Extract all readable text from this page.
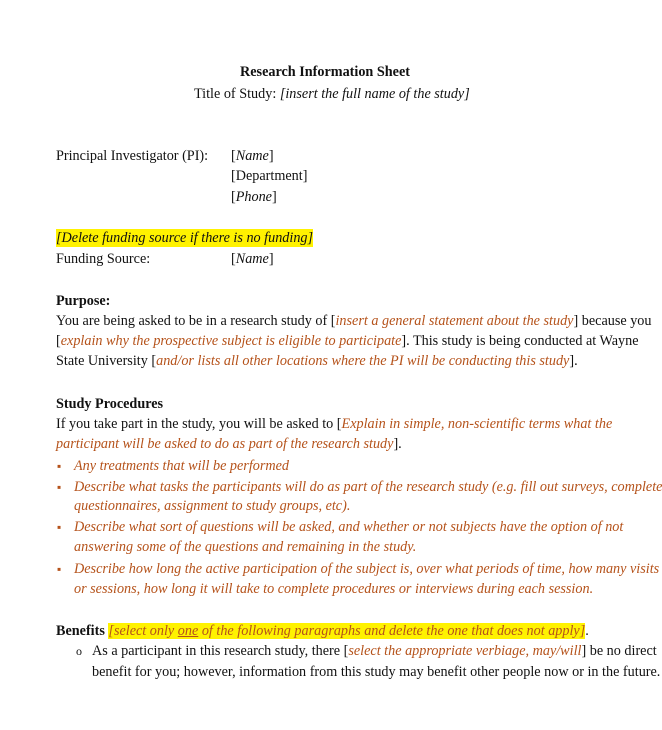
Research Information Sheet
Title of Study: [insert the full name of the study]
Principal Investigator (PI): [Name]
[Department]
[Phone]
[Delete funding source if there is no funding]
Funding Source:	[Name]
Purpose:
You are being asked to be in a research study of [insert a general statement about the study] because you
[explain why the prospective subject is eligible to participate]. This study is being conducted at Wayne
State University [and/or lists all other locations where the PI will be conducting this study].
Study Procedures
If you take part in the study, you will be asked to [Explain in simple, non-scientific terms what the
participant will be asked to do as part of the research study].
▪ Any treatments that will be performed
▪ Describe what tasks the participants will do as part of the research study (e.g. fill out surveys, complete
questionnaires, assignment to study groups, etc).
▪ Describe what sort of questions will be asked, and whether or not subjects have the option of not
answering some of the questions and remaining in the study.
▪ Describe how long the active participation of the subject is, over what periods of time, how many visits
or sessions, how long it will take to complete procedures or interviews during each session.
Benefits [select only one of the following paragraphs and delete the one that does not apply].
o As a participant in this research study, there [select the appropriate verbiage, may/will] be no direct
benefit for you; however, information from this study may benefit other people now or in the future.
